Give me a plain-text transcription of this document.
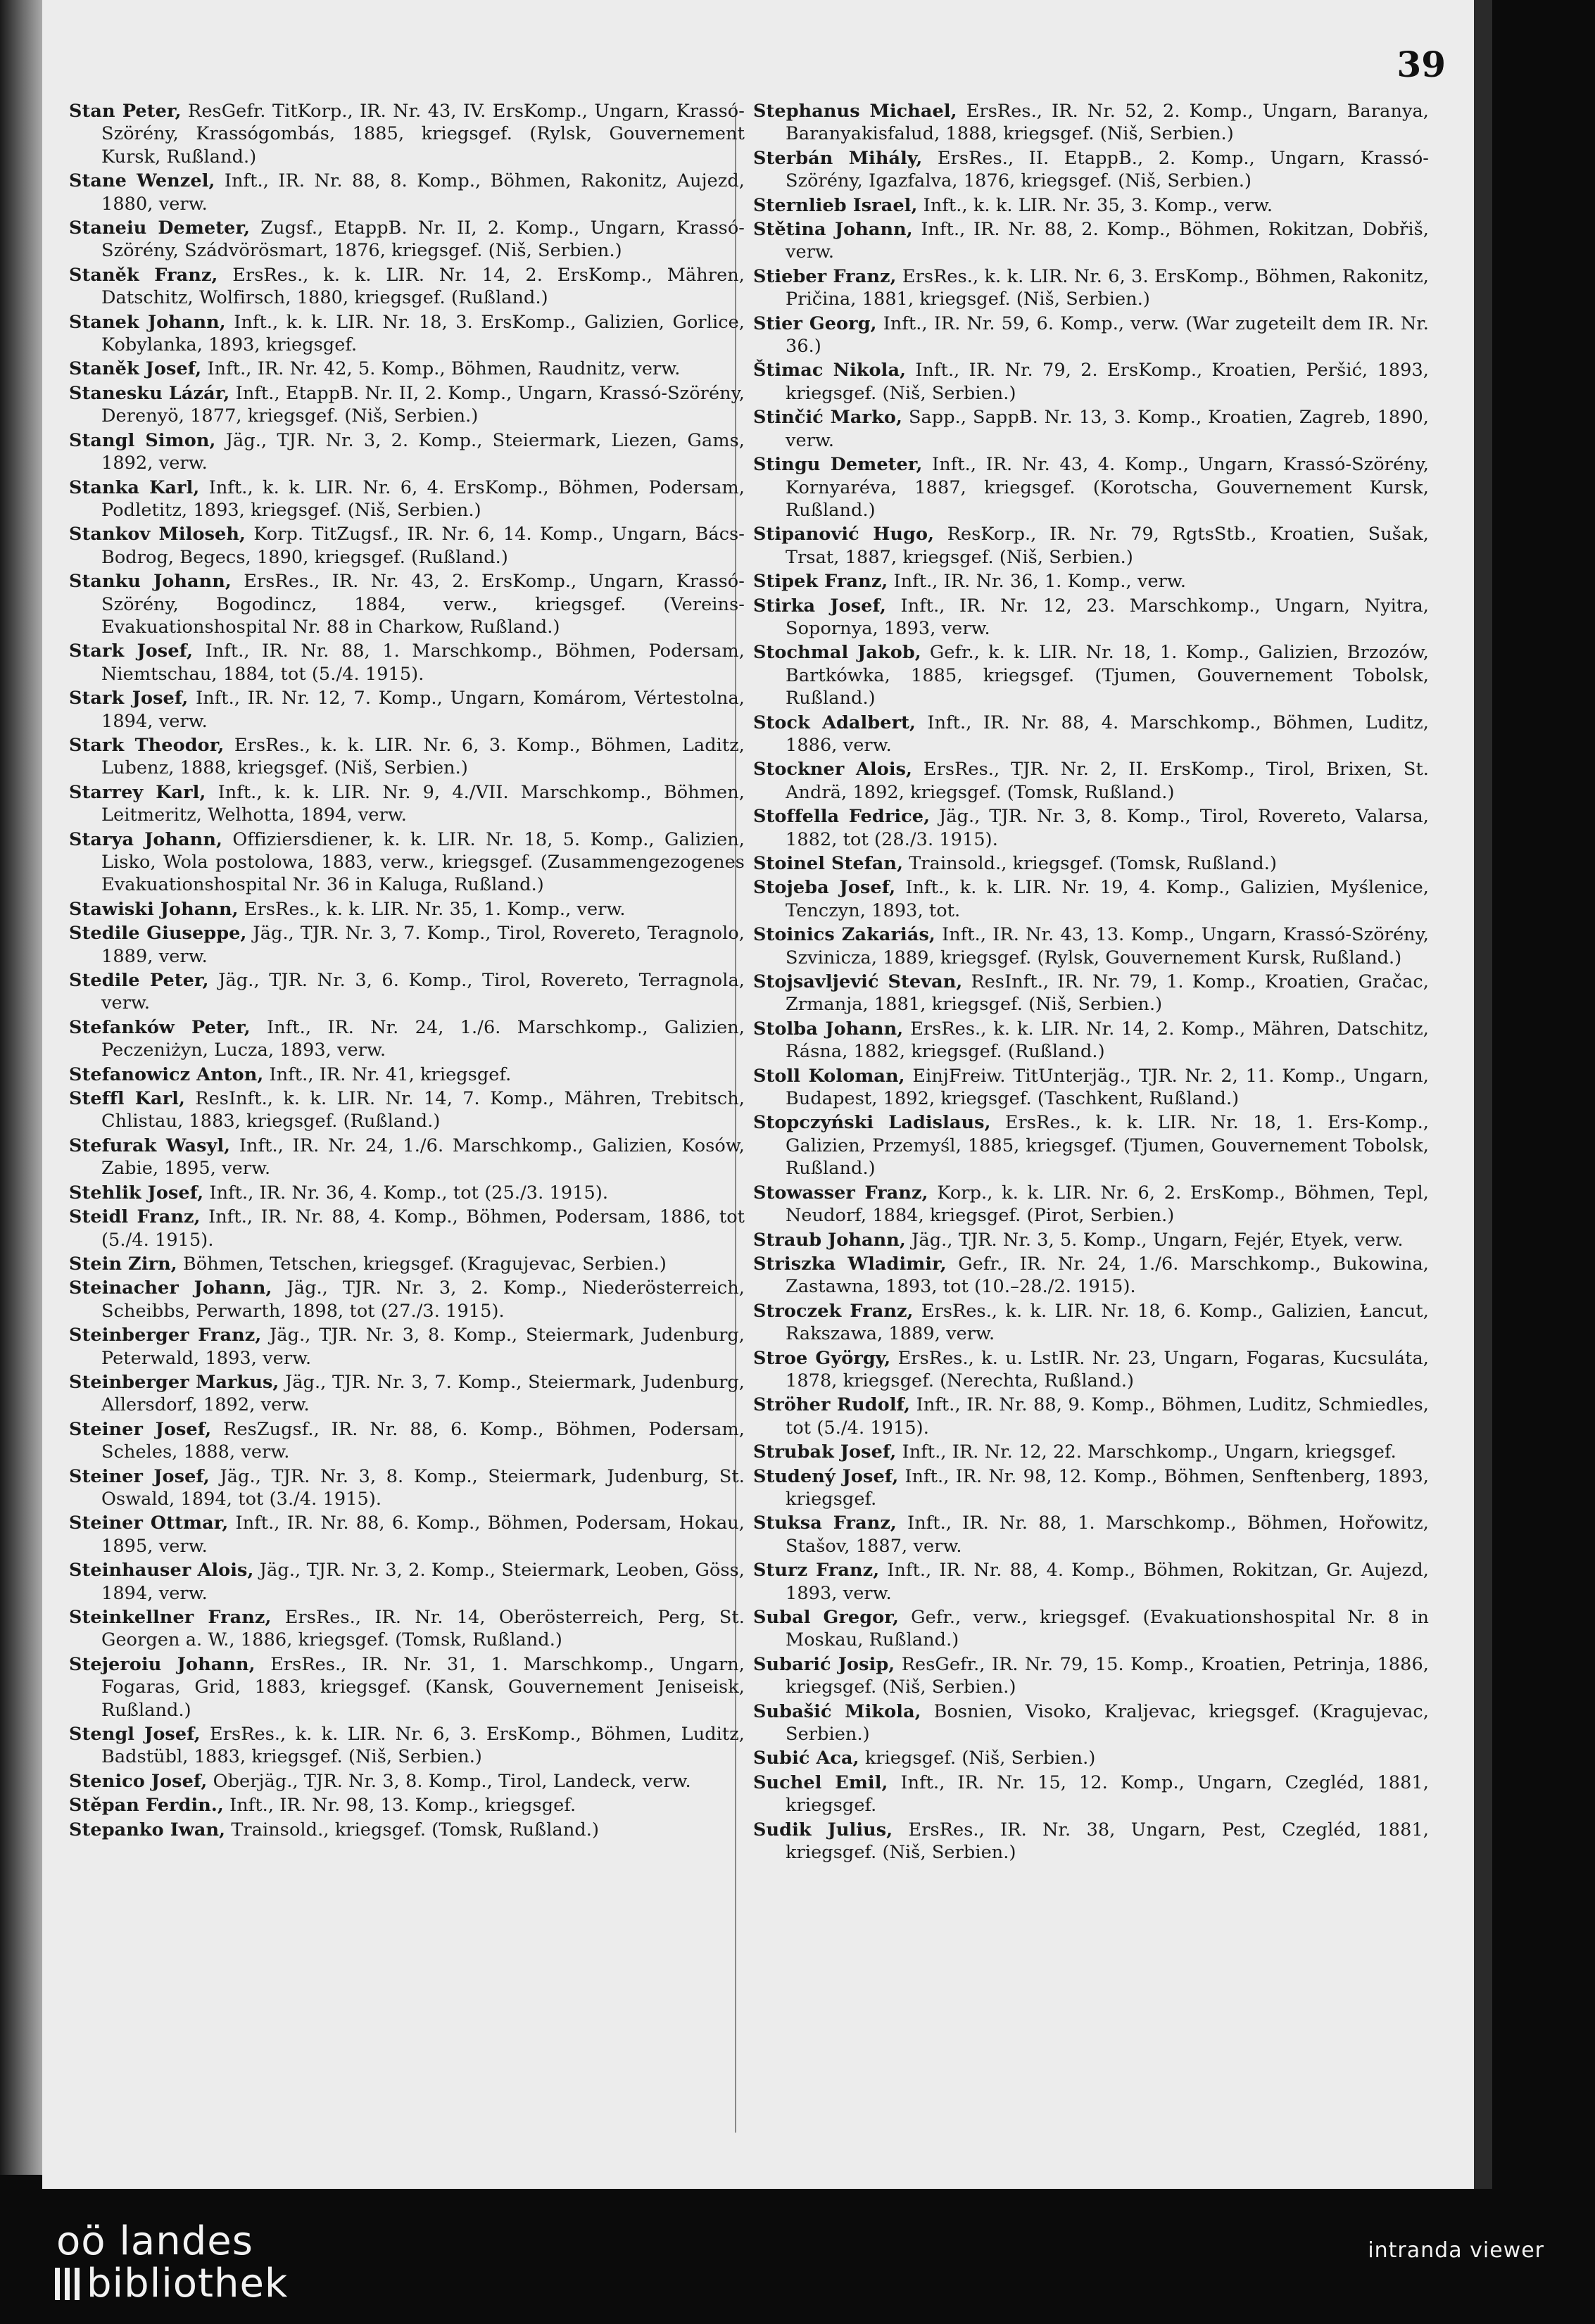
39

Stan Peter, ResGefr. TitKorp., IR. Nr. 43, IV. ErsKomp., Ungarn, Krassó-Szörény, Krassógombás, 1885, kriegsgef. (Rylsk, Gouvernement Kursk, Rußland.)

Stane Wenzel, Inft., IR. Nr. 88, 8. Komp., Böhmen, Rakonitz, Aujezd, 1880, verw.

Staneiu Demeter, Zugsf., EtappB. Nr. II, 2. Komp., Ungarn, Krassó-Szörény, Szádvörösmart, 1876, kriegsgef. (Niš, Serbien.)

Staněk Franz, ErsRes., k. k. LIR. Nr. 14, 2. ErsKomp., Mähren, Datschitz, Wolfirsch, 1880, kriegsgef. (Rußland.)

Stanek Johann, Inft., k. k. LIR. Nr. 18, 3. ErsKomp., Galizien, Gorlice, Kobylanka, 1893, kriegsgef.

Staněk Josef, Inft., IR. Nr. 42, 5. Komp., Böhmen, Raudnitz, verw.

Stanesku Lázár, Inft., EtappB. Nr. II, 2. Komp., Ungarn, Krassó-Szörény, Derenyö, 1877, kriegsgef. (Niš, Serbien.)

Stangl Simon, Jäg., TJR. Nr. 3, 2. Komp., Steiermark, Liezen, Gams, 1892, verw.

Stanka Karl, Inft., k. k. LIR. Nr. 6, 4. ErsKomp., Böhmen, Podersam, Podletitz, 1893, kriegsgef. (Niš, Serbien.)

Stankov Miloseh, Korp. TitZugsf., IR. Nr. 6, 14. Komp., Ungarn, Bács-Bodrog, Begecs, 1890, kriegsgef. (Rußland.)

Stanku Johann, ErsRes., IR. Nr. 43, 2. ErsKomp., Ungarn, Krassó-Szörény, Bogodincz, 1884, verw., kriegsgef. (Vereins-Evakuationshospital Nr. 88 in Charkow, Rußland.)

Stark Josef, Inft., IR. Nr. 88, 1. Marschkomp., Böhmen, Podersam, Niemtschau, 1884, tot (5./4. 1915).

Stark Josef, Inft., IR. Nr. 12, 7. Komp., Ungarn, Komárom, Vértestolna, 1894, verw.

Stark Theodor, ErsRes., k. k. LIR. Nr. 6, 3. Komp., Böhmen, Laditz, Lubenz, 1888, kriegsgef. (Niš, Serbien.)

Starrey Karl, Inft., k. k. LIR. Nr. 9, 4./VII. Marschkomp., Böhmen, Leitmeritz, Welhotta, 1894, verw.

Starya Johann, Offiziersdiener, k. k. LIR. Nr. 18, 5. Komp., Galizien, Lisko, Wola postolowa, 1883, verw., kriegsgef. (Zusammengezogenes Evakuationshospital Nr. 36 in Kaluga, Rußland.)

Stawiski Johann, ErsRes., k. k. LIR. Nr. 35, 1. Komp., verw.

Stedile Giuseppe, Jäg., TJR. Nr. 3, 7. Komp., Tirol, Rovereto, Teragnolo, 1889, verw.

Stedile Peter, Jäg., TJR. Nr. 3, 6. Komp., Tirol, Rovereto, Terragnola, verw.

Stefanków Peter, Inft., IR. Nr. 24, 1./6. Marschkomp., Galizien, Peczeniżyn, Lucza, 1893, verw.

Stefanowicz Anton, Inft., IR. Nr. 41, kriegsgef.

Steffl Karl, ResInft., k. k. LIR. Nr. 14, 7. Komp., Mähren, Trebitsch, Chlistau, 1883, kriegsgef. (Rußland.)

Stefurak Wasyl, Inft., IR. Nr. 24, 1./6. Marschkomp., Galizien, Kosów, Zabie, 1895, verw.

Stehlik Josef, Inft., IR. Nr. 36, 4. Komp., tot (25./3. 1915).

Steidl Franz, Inft., IR. Nr. 88, 4. Komp., Böhmen, Podersam, 1886, tot (5./4. 1915).

Stein Zirn, Böhmen, Tetschen, kriegsgef. (Kragujevac, Serbien.)

Steinacher Johann, Jäg., TJR. Nr. 3, 2. Komp., Niederösterreich, Scheibbs, Perwarth, 1898, tot (27./3. 1915).

Steinberger Franz, Jäg., TJR. Nr. 3, 8. Komp., Steiermark, Judenburg, Peterwald, 1893, verw.

Steinberger Markus, Jäg., TJR. Nr. 3, 7. Komp., Steiermark, Judenburg, Allersdorf, 1892, verw.

Steiner Josef, ResZugsf., IR. Nr. 88, 6. Komp., Böhmen, Podersam, Scheles, 1888, verw.

Steiner Josef, Jäg., TJR. Nr. 3, 8. Komp., Steiermark, Judenburg, St. Oswald, 1894, tot (3./4. 1915).

Steiner Ottmar, Inft., IR. Nr. 88, 6. Komp., Böhmen, Podersam, Hokau, 1895, verw.

Steinhauser Alois, Jäg., TJR. Nr. 3, 2. Komp., Steiermark, Leoben, Göss, 1894, verw.

Steinkellner Franz, ErsRes., IR. Nr. 14, Oberösterreich, Perg, St. Georgen a. W., 1886, kriegsgef. (Tomsk, Rußland.)

Stejeroiu Johann, ErsRes., IR. Nr. 31, 1. Marschkomp., Ungarn, Fogaras, Grid, 1883, kriegsgef. (Kansk, Gouvernement Jeniseisk, Rußland.)

Stengl Josef, ErsRes., k. k. LIR. Nr. 6, 3. ErsKomp., Böhmen, Luditz, Badstübl, 1883, kriegsgef. (Niš, Serbien.)

Stenico Josef, Oberjäg., TJR. Nr. 3, 8. Komp., Tirol, Landeck, verw.

Stěpan Ferdin., Inft., IR. Nr. 98, 13. Komp., kriegsgef.

Stepanko Iwan, Trainsold., kriegsgef. (Tomsk, Rußland.)

Stephanus Michael, ErsRes., IR. Nr. 52, 2. Komp., Ungarn, Baranya, Baranyakisfalud, 1888, kriegsgef. (Niš, Serbien.)

Sterbán Mihály, ErsRes., II. EtappB., 2. Komp., Ungarn, Krassó-Szörény, Igazfalva, 1876, kriegsgef. (Niš, Serbien.)

Sternlieb Israel, Inft., k. k. LIR. Nr. 35, 3. Komp., verw.

Stětina Johann, Inft., IR. Nr. 88, 2. Komp., Böhmen, Rokitzan, Dobřiš, verw.

Stieber Franz, ErsRes., k. k. LIR. Nr. 6, 3. ErsKomp., Böhmen, Rakonitz, Pričina, 1881, kriegsgef. (Niš, Serbien.)

Stier Georg, Inft., IR. Nr. 59, 6. Komp., verw. (War zugeteilt dem IR. Nr. 36.)

Štimac Nikola, Inft., IR. Nr. 79, 2. ErsKomp., Kroatien, Peršić, 1893, kriegsgef. (Niš, Serbien.)

Stinčić Marko, Sapp., SappB. Nr. 13, 3. Komp., Kroatien, Zagreb, 1890, verw.

Stingu Demeter, Inft., IR. Nr. 43, 4. Komp., Ungarn, Krassó-Szörény, Kornyaréva, 1887, kriegsgef. (Korotscha, Gouvernement Kursk, Rußland.)

Stipanović Hugo, ResKorp., IR. Nr. 79, RgtsStb., Kroatien, Sušak, Trsat, 1887, kriegsgef. (Niš, Serbien.)

Stipek Franz, Inft., IR. Nr. 36, 1. Komp., verw.

Stirka Josef, Inft., IR. Nr. 12, 23. Marschkomp., Ungarn, Nyitra, Sopornya, 1893, verw.

Stochmal Jakob, Gefr., k. k. LIR. Nr. 18, 1. Komp., Galizien, Brzozów, Bartkówka, 1885, kriegsgef. (Tjumen, Gouvernement Tobolsk, Rußland.)

Stock Adalbert, Inft., IR. Nr. 88, 4. Marschkomp., Böhmen, Luditz, 1886, verw.

Stockner Alois, ErsRes., TJR. Nr. 2, II. ErsKomp., Tirol, Brixen, St. Andrä, 1892, kriegsgef. (Tomsk, Rußland.)

Stoffella Fedrice, Jäg., TJR. Nr. 3, 8. Komp., Tirol, Rovereto, Valarsa, 1882, tot (28./3. 1915).

Stoinel Stefan, Trainsold., kriegsgef. (Tomsk, Rußland.)

Stojeba Josef, Inft., k. k. LIR. Nr. 19, 4. Komp., Galizien, Myślenice, Tenczyn, 1893, tot.

Stoinics Zakariás, Inft., IR. Nr. 43, 13. Komp., Ungarn, Krassó-Szörény, Szvinicza, 1889, kriegsgef. (Rylsk, Gouvernement Kursk, Rußland.)

Stojsavljević Stevan, ResInft., IR. Nr. 79, 1. Komp., Kroatien, Gračac, Zrmanja, 1881, kriegsgef. (Niš, Serbien.)

Stolba Johann, ErsRes., k. k. LIR. Nr. 14, 2. Komp., Mähren, Datschitz, Rásna, 1882, kriegsgef. (Rußland.)

Stoll Koloman, EinjFreiw. TitUnterjäg., TJR. Nr. 2, 11. Komp., Ungarn, Budapest, 1892, kriegsgef. (Taschkent, Rußland.)

Stopczyński Ladislaus, ErsRes., k. k. LIR. Nr. 18, 1. Ers-Komp., Galizien, Przemyśl, 1885, kriegsgef. (Tjumen, Gouvernement Tobolsk, Rußland.)

Stowasser Franz, Korp., k. k. LIR. Nr. 6, 2. ErsKomp., Böhmen, Tepl, Neudorf, 1884, kriegsgef. (Pirot, Serbien.)

Straub Johann, Jäg., TJR. Nr. 3, 5. Komp., Ungarn, Fejér, Etyek, verw.

Striszka Wladimir, Gefr., IR. Nr. 24, 1./6. Marschkomp., Bukowina, Zastawna, 1893, tot (10.–28./2. 1915).

Stroczek Franz, ErsRes., k. k. LIR. Nr. 18, 6. Komp., Galizien, Łancut, Rakszawa, 1889, verw.

Stroe György, ErsRes., k. u. LstIR. Nr. 23, Ungarn, Fogaras, Kucsuláta, 1878, kriegsgef. (Nerechta, Rußland.)

Ströher Rudolf, Inft., IR. Nr. 88, 9. Komp., Böhmen, Luditz, Schmiedles, tot (5./4. 1915).

Strubak Josef, Inft., IR. Nr. 12, 22. Marschkomp., Ungarn, kriegsgef.

Studený Josef, Inft., IR. Nr. 98, 12. Komp., Böhmen, Senftenberg, 1893, kriegsgef.

Stuksa Franz, Inft., IR. Nr. 88, 1. Marschkomp., Böhmen, Hořowitz, Stašov, 1887, verw.

Sturz Franz, Inft., IR. Nr. 88, 4. Komp., Böhmen, Rokitzan, Gr. Aujezd, 1893, verw.

Subal Gregor, Gefr., verw., kriegsgef. (Evakuationshospital Nr. 8 in Moskau, Rußland.)

Subarić Josip, ResGefr., IR. Nr. 79, 15. Komp., Kroatien, Petrinja, 1886, kriegsgef. (Niš, Serbien.)

Subašić Mikola, Bosnien, Visoko, Kraljevac, kriegsgef. (Kragujevac, Serbien.)

Subić Aca, kriegsgef. (Niš, Serbien.)

Suchel Emil, Inft., IR. Nr. 15, 12. Komp., Ungarn, Czegléd, 1881, kriegsgef.

Sudik Julius, ErsRes., IR. Nr. 38, Ungarn, Pest, Czegléd, 1881, kriegsgef. (Niš, Serbien.)

oö landes
bibliothek
intranda viewer
